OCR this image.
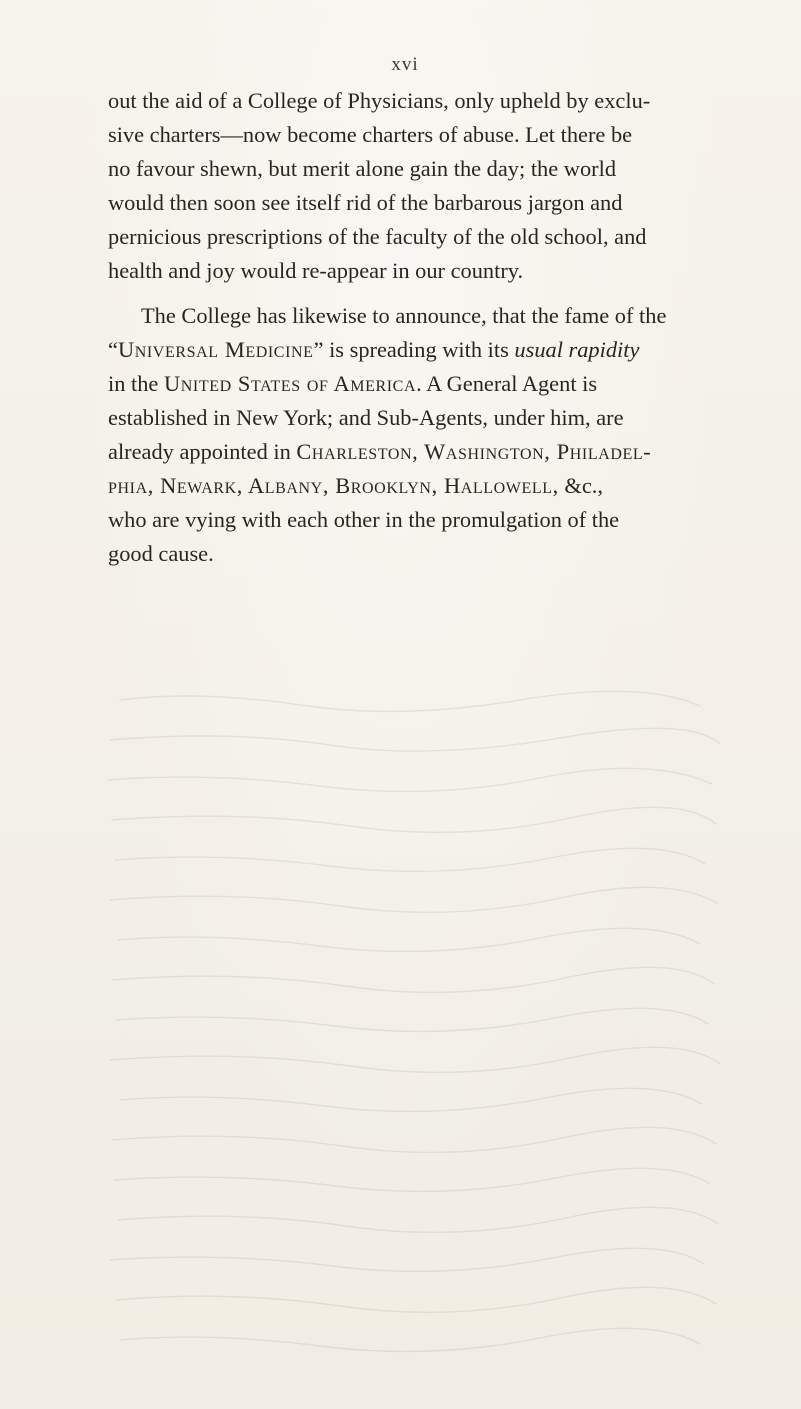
xvi

out the aid of a College of Physicians, only upheld by exclu-
sive charters—now become charters of abuse. Let there be
no favour shewn, but merit alone gain the day; the world
would then soon see itself rid of the barbarous jargon and
pernicious prescriptions of the faculty of the old school, and
health and joy would re-appear in our country.

The College has likewise to announce, that the fame of the
“Universal Medicine” is spreading with its usual rapidity
in the United States of America. A General Agent is
established in New York; and Sub-Agents, under him, are
already appointed in Charleston, Washington, Philadel-
phia, Newark, Albany, Brooklyn, Hallowell, &c.,
who are vying with each other in the promulgation of the
good cause.
